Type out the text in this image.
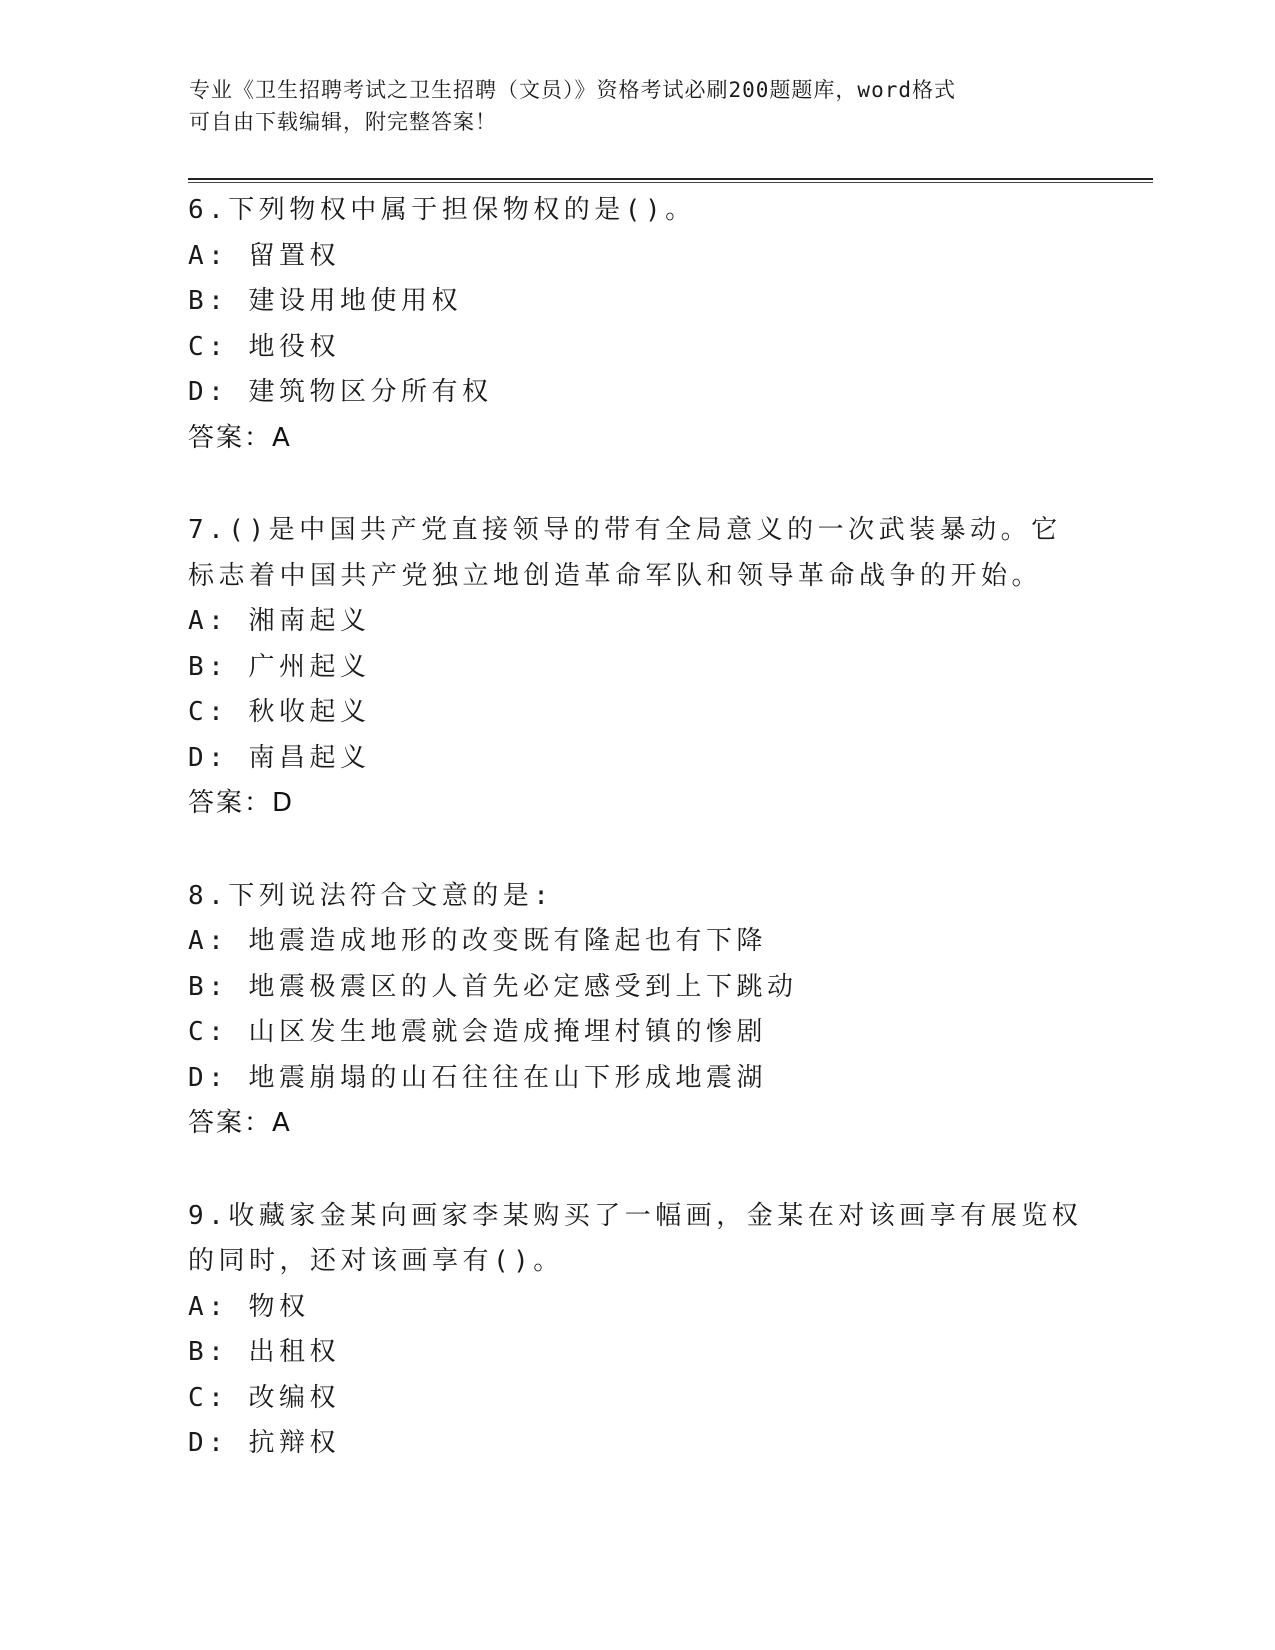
专业《卫生招聘考试之卫生招聘（文员）》资格考试必刷200题题库，word格式
可自由下载编辑，附完整答案！
6.下列物权中属于担保物权的是()。
A: 留置权
B: 建设用地使用权
C: 地役权
D: 建筑物区分所有权
答案：A
7.()是中国共产党直接领导的带有全局意义的一次武装暴动。它标志着中国共产党独立地创造革命军队和领导革命战争的开始。
A: 湘南起义
B: 广州起义
C: 秋收起义
D: 南昌起义
答案：D
8.下列说法符合文意的是:
A: 地震造成地形的改变既有隆起也有下降
B: 地震极震区的人首先必定感受到上下跳动
C: 山区发生地震就会造成掩埋村镇的惨剧
D: 地震崩塌的山石往往在山下形成地震湖
答案：A
9.收藏家金某向画家李某购买了一幅画，金某在对该画享有展览权的同时，还对该画享有()。
A: 物权
B: 出租权
C: 改编权
D: 抗辩权
